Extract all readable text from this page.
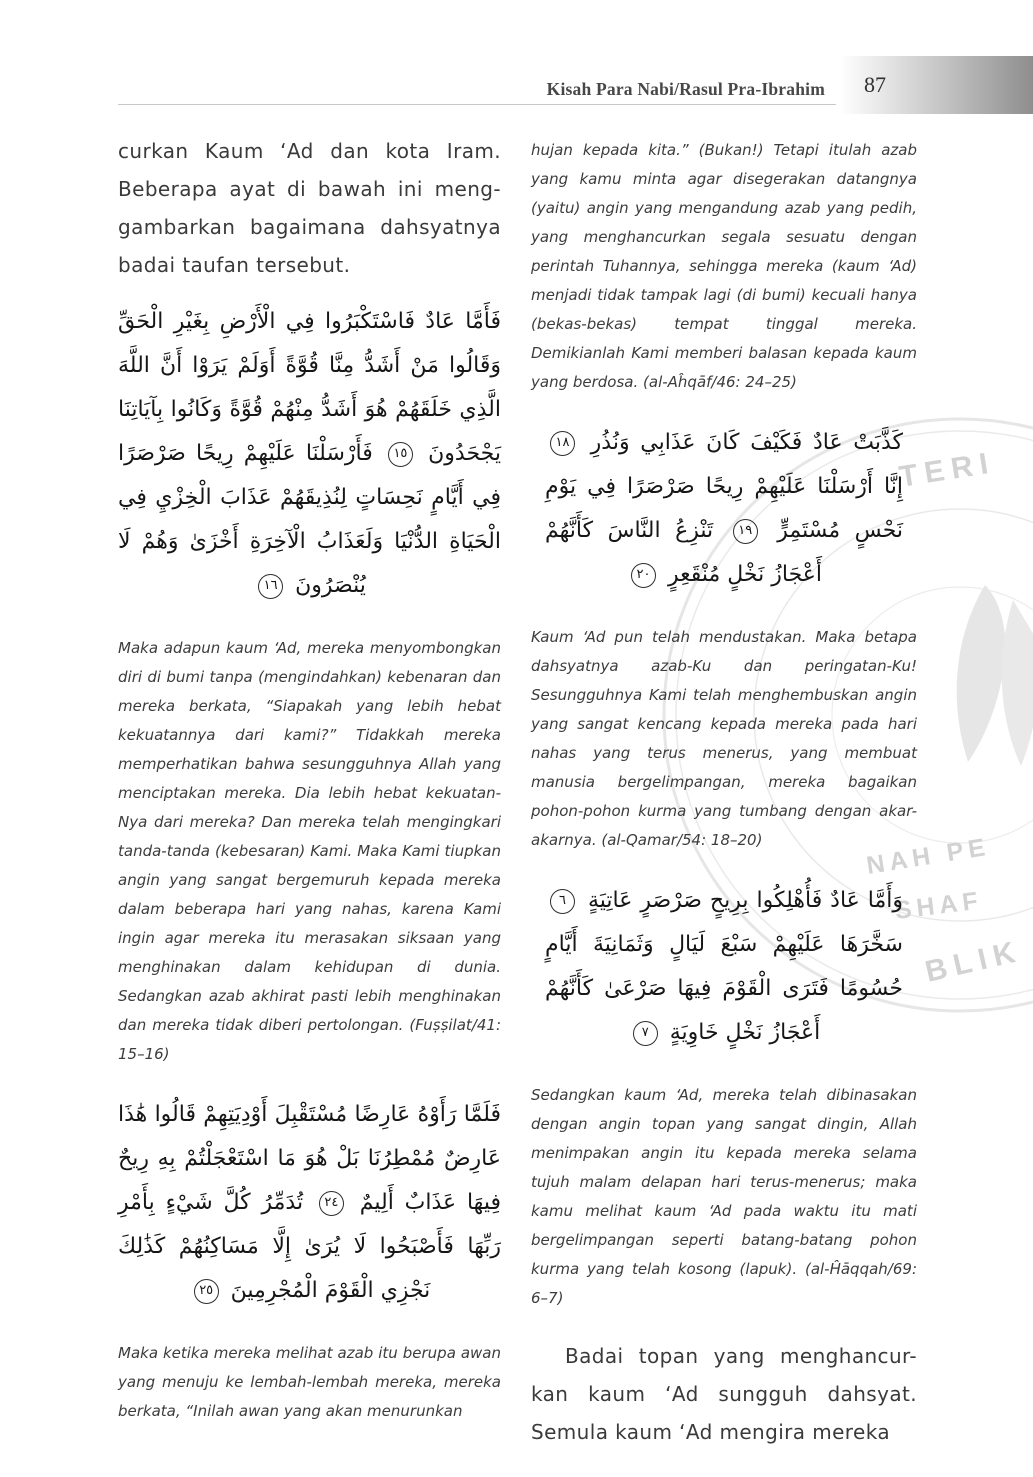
TERI
NAH PE
SHAF
BLIK
Kisah Para Nabi/Rasul Pra-Ibrahim 87
curkan Kaum ‘Ad dan kota Iram.
Beberapa ayat di bawah ini meng-
gambarkan bagaimana dahsyatnya
badai taufan tersebut.
فَأَمَّا عَادٌ فَاسْتَكْبَرُوا فِي الْأَرْضِ بِغَيْرِ الْحَقِّ وَقَالُوا مَنْ أَشَدُّ مِنَّا قُوَّةً أَوَلَمْ يَرَوْا أَنَّ اللَّهَ الَّذِي خَلَقَهُمْ هُوَ أَشَدُّ مِنْهُمْ قُوَّةً وَكَانُوا بِآيَاتِنَا يَجْحَدُونَ ١٥ فَأَرْسَلْنَا عَلَيْهِمْ رِيحًا صَرْصَرًا فِي أَيَّامٍ نَحِسَاتٍ لِنُذِيقَهُمْ عَذَابَ الْخِزْيِ فِي الْحَيَاةِ الدُّنْيَا وَلَعَذَابُ الْآخِرَةِ أَخْزَىٰ وَهُمْ لَا يُنْصَرُونَ ١٦

Maka adapun kaum ‘Ad, mereka menyombongkan diri di bumi tanpa (mengindahkan) kebenaran dan mereka berkata, “Siapakah yang lebih hebat kekuatannya dari kami?” Tidakkah mereka memperhatikan bahwa sesungguhnya Allah yang menciptakan mereka. Dia lebih hebat kekuatan-Nya dari mereka? Dan mereka telah mengingkari tanda-tanda (kebesaran) Kami. Maka Kami tiupkan angin yang sangat bergemuruh kepada mereka dalam beberapa hari yang nahas, karena Kami ingin agar mereka itu merasakan siksaan yang menghinakan dalam kehidupan di dunia. Sedangkan azab akhirat pasti lebih menghinakan dan mereka tidak diberi pertolongan. (Fuṣṣilat/41: 15–16)

فَلَمَّا رَأَوْهُ عَارِضًا مُسْتَقْبِلَ أَوْدِيَتِهِمْ قَالُوا هَٰذَا عَارِضٌ مُمْطِرُنَا بَلْ هُوَ مَا اسْتَعْجَلْتُمْ بِهِ رِيحٌ فِيهَا عَذَابٌ أَلِيمٌ ٢٤ تُدَمِّرُ كُلَّ شَيْءٍ بِأَمْرِ رَبِّهَا فَأَصْبَحُوا لَا يُرَىٰ إِلَّا مَسَاكِنُهُمْ كَذَٰلِكَ نَجْزِي الْقَوْمَ الْمُجْرِمِينَ ٢٥

Maka ketika mereka melihat azab itu berupa awan yang menuju ke lembah-lembah mereka, mereka berkata, “Inilah awan yang akan menurunkan

hujan kepada kita.” (Bukan!) Tetapi itulah azab yang kamu minta agar disegerakan datangnya (yaitu) angin yang mengandung azab yang pedih, yang menghancurkan segala sesuatu dengan perintah Tuhannya, sehingga mereka (kaum ‘Ad) menjadi tidak tampak lagi (di bumi) kecuali hanya (bekas-bekas) tempat tinggal mereka. Demikianlah Kami memberi balasan kepada kaum yang berdosa. (al-Aĥqāf/46: 24–25)

كَذَّبَتْ عَادٌ فَكَيْفَ كَانَ عَذَابِي وَنُذُرِ ١٨ إِنَّا أَرْسَلْنَا عَلَيْهِمْ رِيحًا صَرْصَرًا فِي يَوْمِ نَحْسٍ مُسْتَمِرٍّ ١٩ تَنْزِعُ النَّاسَ كَأَنَّهُمْ أَعْجَازُ نَخْلٍ مُنْقَعِرٍ ٢٠

Kaum ‘Ad pun telah mendustakan. Maka betapa dahsyatnya azab-Ku dan peringatan-Ku! Sesungguhnya Kami telah menghembuskan angin yang sangat kencang kepada mereka pada hari nahas yang terus menerus, yang membuat manusia bergelimpangan, mereka bagaikan pohon-pohon kurma yang tumbang dengan akar-akarnya. (al-Qamar/54: 18–20)

وَأَمَّا عَادٌ فَأُهْلِكُوا بِرِيحٍ صَرْصَرٍ عَاتِيَةٍ ٦ سَخَّرَهَا عَلَيْهِمْ سَبْعَ لَيَالٍ وَثَمَانِيَةَ أَيَّامٍ حُسُومًا فَتَرَى الْقَوْمَ فِيهَا صَرْعَىٰ كَأَنَّهُمْ أَعْجَازُ نَخْلٍ خَاوِيَةٍ ٧

Sedangkan kaum ‘Ad, mereka telah dibinasakan dengan angin topan yang sangat dingin, Allah menimpakan angin itu kepada mereka selama tujuh malam delapan hari terus-menerus; maka kamu melihat kaum ‘Ad pada waktu itu mati bergelimpangan seperti batang-batang pohon kurma yang telah kosong (lapuk). (al-Ĥāqqah/69: 6–7)

Badai topan yang menghancur-
kan kaum ‘Ad sungguh dahsyat.
Semula kaum ‘Ad mengira mereka
